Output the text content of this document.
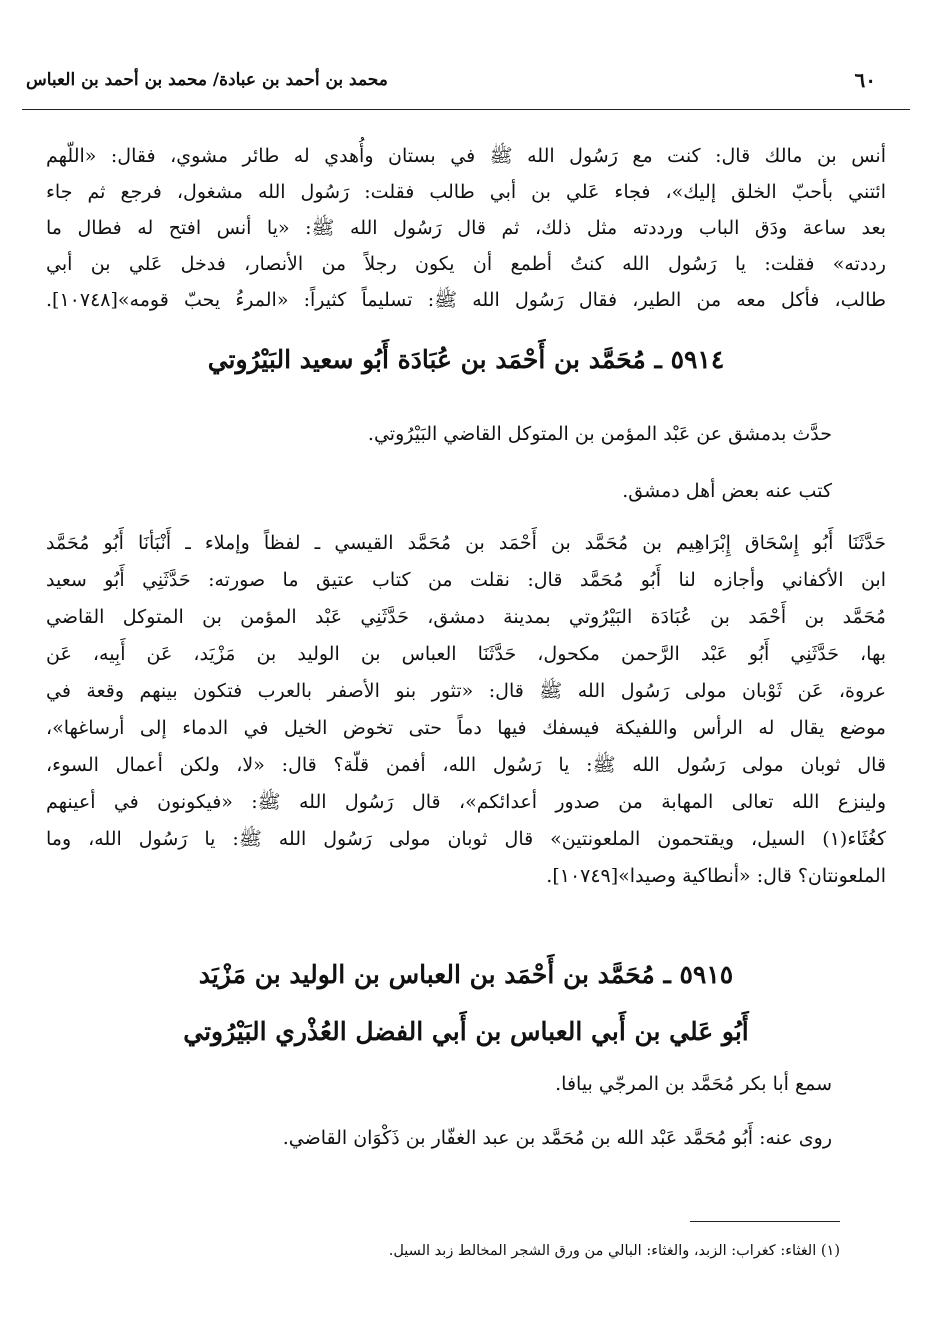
٦٠
محمد بن أحمد بن عبادة/ محمد بن أحمد بن العباس
أنس بن مالك قال: كنت مع رَسُول الله ﷺ في بستان وأُهدي له طائر مشوي، فقال: «اللّهم
ائتني بأحبّ الخلق إليك»، فجاء عَلي بن أبي طالب فقلت: رَسُول الله مشغول، فرجع ثم جاء
بعد ساعة ودَق الباب ورددته مثل ذلك، ثم قال رَسُول الله ﷺ: «يا أنس افتح له فطال ما
رددته» فقلت: يا رَسُول الله كنتُ أطمع أن يكون رجلاً من الأنصار، فدخل عَلي بن أبي
طالب، فأكل معه من الطير، فقال رَسُول الله ﷺ: تسليماً كثيراً: «المرءُ يحبّ قومه»[١٠٧٤٨].
٥٩١٤ ـ مُحَمَّد بن أَحْمَد بن عُبَادَة أَبُو سعيد البَيْرُوتي
حدَّث بدمشق عن عَبْد المؤمن بن المتوكل القاضي البَيْرُوتي.
كتب عنه بعض أهل دمشق.
حَدَّثَنَا أَبُو إِسْحَاق إِبْرَاهِيم بن مُحَمَّد بن أَحْمَد بن مُحَمَّد القيسي ـ لفظاً وإملاء ـ أَنْبَأنَا أَبُو مُحَمَّد
ابن الأكفاني وأجازه لنا أَبُو مُحَمَّد قال: نقلت من كتاب عتيق ما صورته: حَدَّثَنِي أَبُو سعيد
مُحَمَّد بن أَحْمَد بن عُبَادَة البَيْرُوتي بمدينة دمشق، حَدَّثَنِي عَبْد المؤمن بن المتوكل القاضي
بها، حَدَّثَنِي أَبُو عَبْد الرَّحمن مكحول، حَدَّثَنَا العباس بن الوليد بن مَزْيَد، عَن أَبِيه، عَن
عروة، عَن ثَوْبان مولى رَسُول الله ﷺ قال: «تثور بنو الأصفر بالعرب فتكون بينهم وقعة في
موضع يقال له الرأس واللفيكة فيسفك فيها دماً حتى تخوض الخيل في الدماء إلى أرساغها»،
قال ثوبان مولى رَسُول الله ﷺ: يا رَسُول الله، أفمن قلّة؟ قال: «لا، ولكن أعمال السوء،
ولينزع الله تعالى المهابة من صدور أعدائكم»، قال رَسُول الله ﷺ: «فيكونون في أعينهم
كغُثَاء(١) السيل، ويقتحمون الملعونتين» قال ثوبان مولى رَسُول الله ﷺ: يا رَسُول الله، وما
الملعونتان؟ قال: «أنطاكية وصيدا»[١٠٧٤٩].
٥٩١٥ ـ مُحَمَّد بن أَحْمَد بن العباس بن الوليد بن مَزْيَد
أَبُو عَلي بن أَبي العباس بن أَبي الفضل العُذْري البَيْرُوتي
سمع أبا بكر مُحَمَّد بن المرجّي بيافا.
روى عنه: أَبُو مُحَمَّد عَبْد الله بن مُحَمَّد بن عبد الغفّار بن ذَكْوَان القاضي.
(١) الغثاء: كغراب: الزبد، والغثاء: البالي من ورق الشجر المخالط زبد السيل.
